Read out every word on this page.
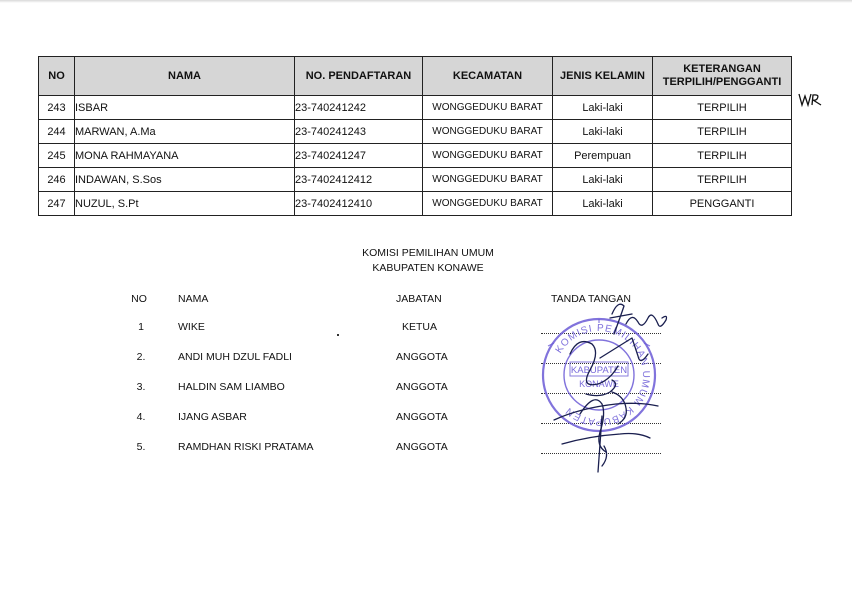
NO	NAMA	NO. PENDAFTARAN	KECAMATAN	JENIS KELAMIN	KETERANGAN
TERPILIH/PENGGANTI
243	ISBAR	23-740241242	WONGGEDUKU BARAT	Laki-laki	TERPILIH
244	MARWAN, A.Ma	23-740241243	WONGGEDUKU BARAT	Laki-laki	TERPILIH
245	MONA RAHMAYANA	23-740241247	WONGGEDUKU BARAT	Perempuan	TERPILIH
246	INDAWAN, S.Sos	23-7402412412	WONGGEDUKU BARAT	Laki-laki	TERPILIH
247	NUZUL, S.Pt	23-7402412410	WONGGEDUKU BARAT	Laki-laki	PENGGANTI
KOMISI PEMILIHAN UMUM
KABUPATEN KONAWE
NO	NAMA	JABATAN	TANDA TANGAN
1	WIKE	KETUA
2.	ANDI MUH DZUL FADLI	ANGGOTA
3.	HALDIN SAM LIAMBO	ANGGOTA
4.	IJANG ASBAR	ANGGOTA
5.	RAMDHAN RISKI PRATAMA	ANGGOTA
KOMISI PEMILIHAN UMUM KABUPATEN
KABUPATEN
KONAWE
